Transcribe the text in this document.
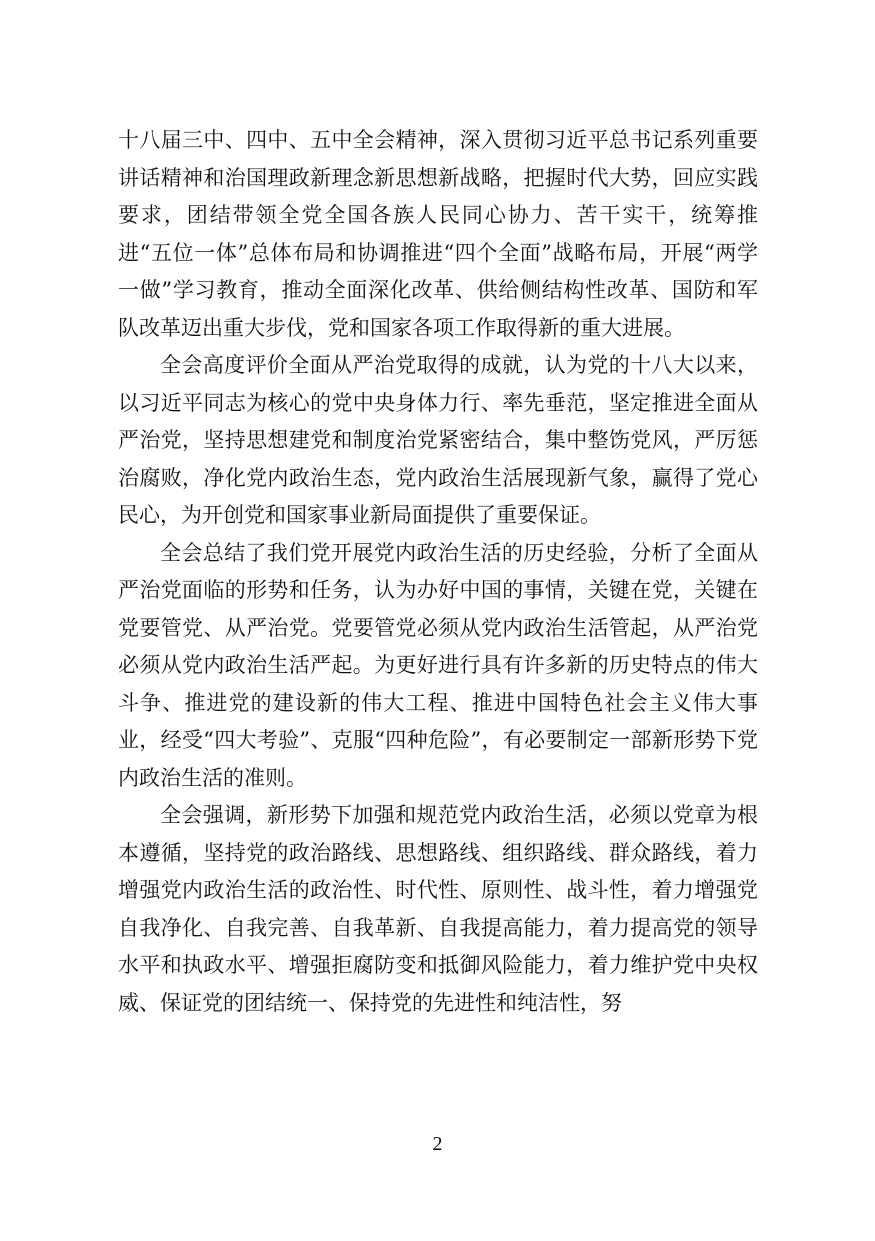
十八届三中、四中、五中全会精神，深入贯彻习近平总书记系列重要讲话精神和治国理政新理念新思想新战略，把握时代大势，回应实践要求，团结带领全党全国各族人民同心协力、苦干实干，统筹推进“五位一体”总体布局和协调推进“四个全面”战略布局，开展“两学一做”学习教育，推动全面深化改革、供给侧结构性改革、国防和军队改革迈出重大步伐，党和国家各项工作取得新的重大进展。

全会高度评价全面从严治党取得的成就，认为党的十八大以来，以习近平同志为核心的党中央身体力行、率先垂范，坚定推进全面从严治党，坚持思想建党和制度治党紧密结合，集中整饬党风，严厉惩治腐败，净化党内政治生态，党内政治生活展现新气象，赢得了党心民心，为开创党和国家事业新局面提供了重要保证。

全会总结了我们党开展党内政治生活的历史经验，分析了全面从严治党面临的形势和任务，认为办好中国的事情，关键在党，关键在党要管党、从严治党。党要管党必须从党内政治生活管起，从严治党必须从党内政治生活严起。为更好进行具有许多新的历史特点的伟大斗争、推进党的建设新的伟大工程、推进中国特色社会主义伟大事业，经受“四大考验”、克服“四种危险”，有必要制定一部新形势下党内政治生活的准则。

全会强调，新形势下加强和规范党内政治生活，必须以党章为根本遵循，坚持党的政治路线、思想路线、组织路线、群众路线，着力增强党内政治生活的政治性、时代性、原则性、战斗性，着力增强党自我净化、自我完善、自我革新、自我提高能力，着力提高党的领导水平和执政水平、增强拒腐防变和抵御风险能力，着力维护党中央权威、保证党的团结统一、保持党的先进性和纯洁性，努

2
